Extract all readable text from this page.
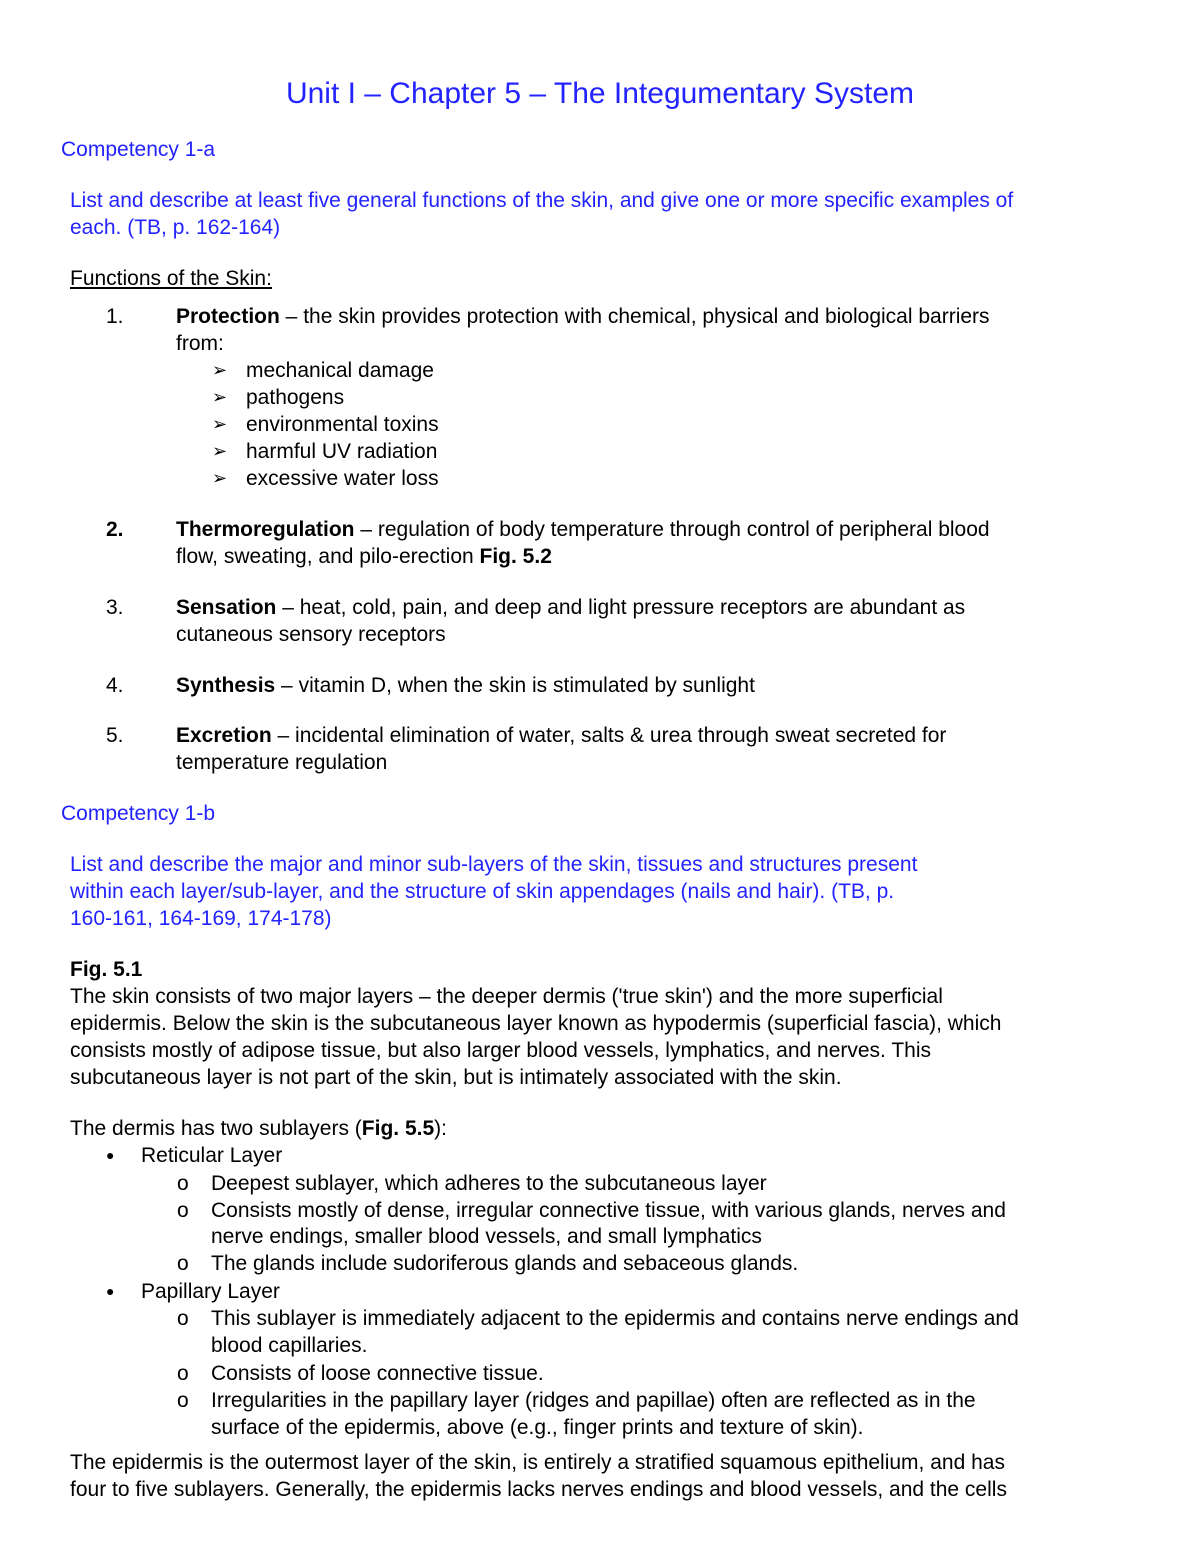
Unit I – Chapter 5 – The Integumentary System
Competency 1-a
List and describe at least five general functions of the skin, and give one or more specific examples of
each. (TB, p. 162-164)
Functions of the Skin:
1. Protection – the skin provides protection with chemical, physical and biological barriers
from:
➢ mechanical damage
➢ pathogens
➢ environmental toxins
➢ harmful UV radiation
➢ excessive water loss
2. Thermoregulation – regulation of body temperature through control of peripheral blood
flow, sweating, and pilo-erection Fig. 5.2
3. Sensation – heat, cold, pain, and deep and light pressure receptors are abundant as
cutaneous sensory receptors
4. Synthesis – vitamin D, when the skin is stimulated by sunlight
5. Excretion – incidental elimination of water, salts & urea through sweat secreted for
temperature regulation
Competency 1-b
List and describe the major and minor sub-layers of the skin, tissues and structures present
within each layer/sub-layer, and the structure of skin appendages (nails and hair). (TB, p.
160-161, 164-169, 174-178)
Fig. 5.1
The skin consists of two major layers – the deeper dermis ('true skin') and the more superficial
epidermis. Below the skin is the subcutaneous layer known as hypodermis (superficial fascia), which
consists mostly of adipose tissue, but also larger blood vessels, lymphatics, and nerves. This
subcutaneous layer is not part of the skin, but is intimately associated with the skin.
The dermis has two sublayers (Fig. 5.5):
● Reticular Layer
o Deepest sublayer, which adheres to the subcutaneous layer
o Consists mostly of dense, irregular connective tissue, with various glands, nerves and
nerve endings, smaller blood vessels, and small lymphatics
o The glands include sudoriferous glands and sebaceous glands.
● Papillary Layer
o This sublayer is immediately adjacent to the epidermis and contains nerve endings and
blood capillaries.
o Consists of loose connective tissue.
o Irregularities in the papillary layer (ridges and papillae) often are reflected as in the
surface of the epidermis, above (e.g., finger prints and texture of skin).
The epidermis is the outermost layer of the skin, is entirely a stratified squamous epithelium, and has
four to five sublayers. Generally, the epidermis lacks nerves endings and blood vessels, and the cells
